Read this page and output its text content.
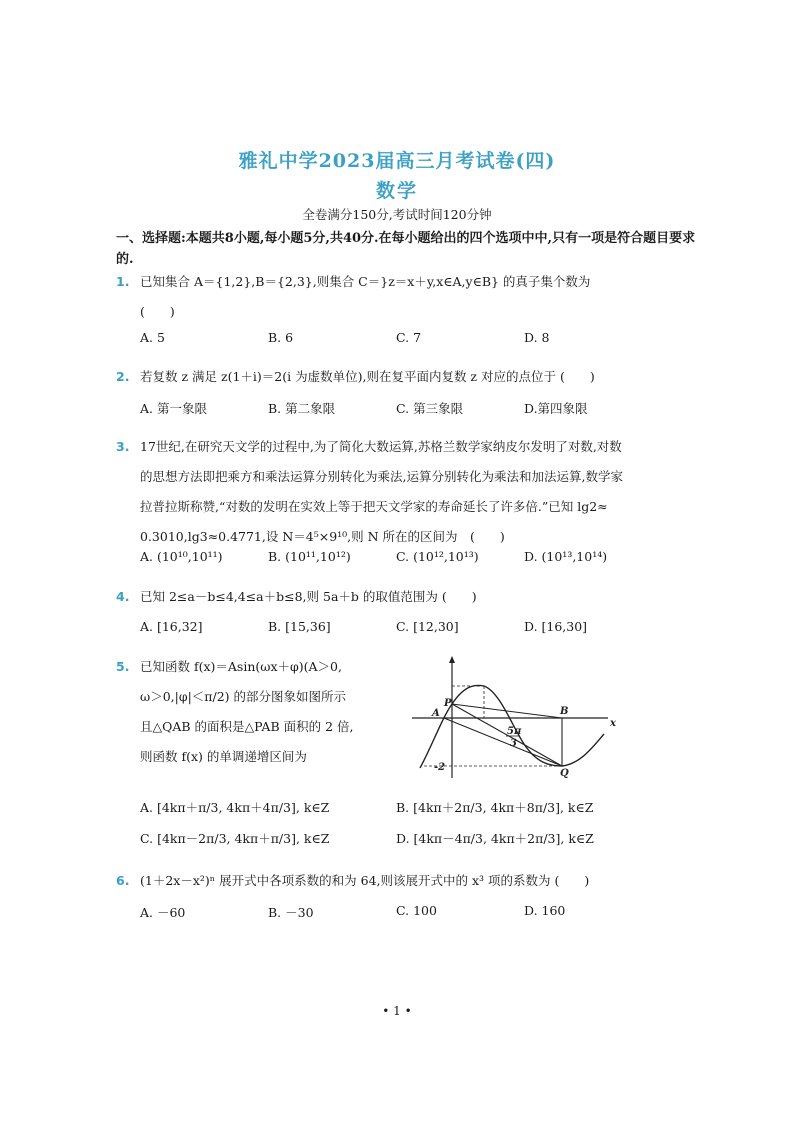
雅礼中学2023届高三月考试卷(四)
数学
全卷满分150分,考试时间120分钟
一、选择题:本题共8小题,每小题5分,共40分.在每小题给出的四个选项中中,只有一项是符合题目要求的.
1. 已知集合 A＝{1,2},B＝{2,3},则集合 C＝}z＝x＋y,x∈A,y∈B} 的真子集个数为
(　　)
A. 5	B. 6	C. 7	D. 8
2. 若复数 z 满足 z(1＋i)＝2(i 为虚数单位),则在复平面内复数 z 对应的点位于 (　　)
A. 第一象限	B. 第二象限	C. 第三象限	D.第四象限
3. 17世纪,在研究天文学的过程中,为了简化大数运算,苏格兰数学家纳皮尔发明了对数,对数
的思想方法即把乘方和乘法运算分别转化为乘法,运算分别转化为乘法和加法运算,数学家
拉普拉斯称赞,“对数的发明在实效上等于把天文学家的寿命延长了许多倍.”已知 lg2≈
0.3010,lg3≈0.4771,设 N＝4⁵×9¹⁰,则 N 所在的区间为　(　　)
A. (10¹⁰,10¹¹)	B. (10¹¹,10¹²)	C. (10¹²,10¹³)	D. (10¹³,10¹⁴)
4. 已知 2≤a－b≤4,4≤a＋b≤8,则 5a＋b 的取值范围为 (　　)
A. [16,32]	B. [15,36]	C. [12,30]	D. [16,30]
5. 已知函数 f(x)＝Asin(ωx＋φ)(A＞0,
ω＞0,|φ|＜π/2) 的部分图象如图所示
且△QAB 的面积是△PAB 面积的 2 倍,
则函数 f(x) 的单调递增区间为
P
A	B
Q
x
5π
3
-2
A. [4kπ＋π/3, 4kπ＋4π/3], k∈Z	B. [4kπ＋2π/3, 4kπ＋8π/3], k∈Z
C. [4kπ－2π/3, 4kπ＋π/3], k∈Z	D. [4kπ－4π/3, 4kπ＋2π/3], k∈Z
6. (1＋2x－x²)ⁿ 展开式中各项系数的和为 64,则该展开式中的 x³ 项的系数为 (　　)
A. －60	B. －30	C. 100	D. 160
• 1 •
